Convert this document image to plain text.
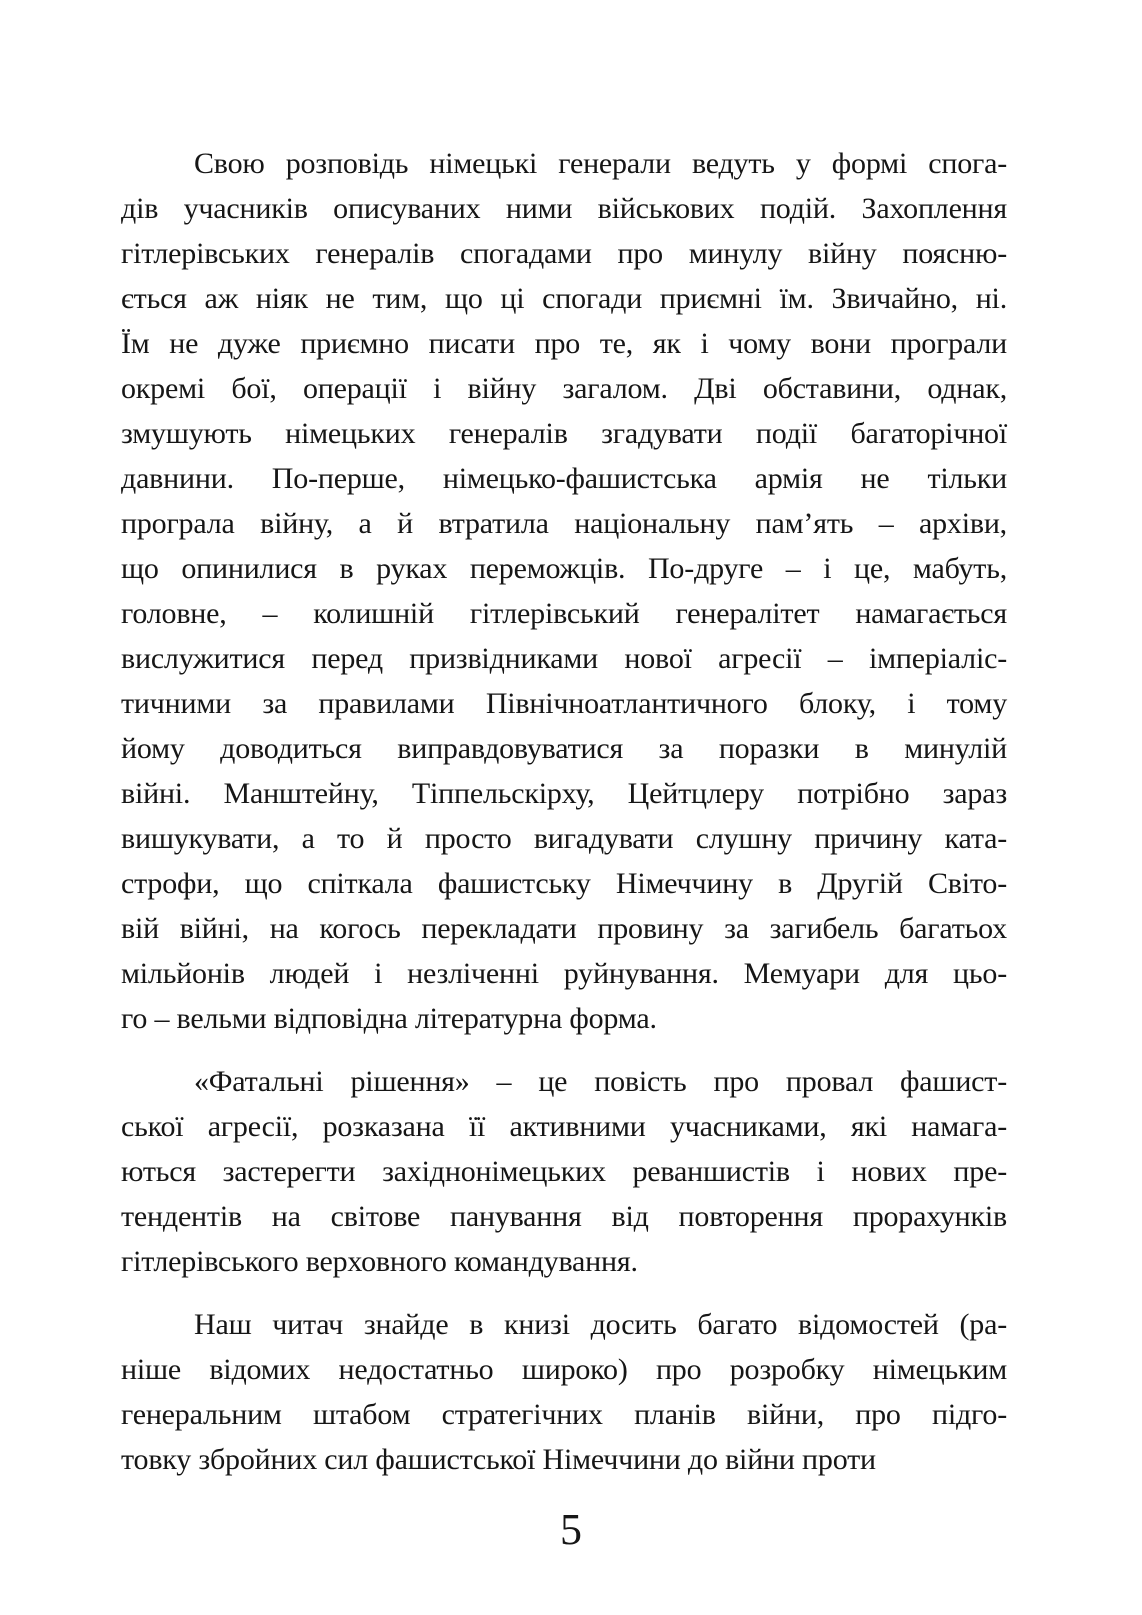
Свою розповідь німецькі генерали ведуть у формі спога-
дів учасників описуваних ними військових подій. Захоплення
гітлерівських генералів спогадами про минулу війну поясню-
ється аж ніяк не тим, що ці спогади приємні їм. Звичайно, ні.
Їм не дуже приємно писати про те, як і чому вони програли
окремі бої, операції і війну загалом. Дві обставини, однак,
змушують німецьких генералів згадувати події багаторічної
давнини. По-перше, німецько-фашистська армія не тільки
програла війну, а й втратила національну пам’ять – архіви,
що опинилися в руках переможців. По-друге – і це, мабуть,
головне, – колишній гітлерівський генералітет намагається
вислужитися перед призвідниками нової агресії – імперіаліс-
тичними за правилами Північноатлантичного блоку, і тому
йому доводиться виправдовуватися за поразки в минулій
війні. Манштейну, Тіппельскірху, Цейтцлеру потрібно зараз
вишукувати, а то й просто вигадувати слушну причину ката-
строфи, що спіткала фашистську Німеччину в Другій Світо-
вій війні, на когось перекладати провину за загибель багатьох
мільйонів людей і незліченні руйнування. Мемуари для цьо-
го – вельми відповідна літературна форма.
«Фатальні рішення» – це повість про провал фашист-
ської агресії, розказана її активними учасниками, які намага-
ються застерегти західнонімецьких реваншистів і нових пре-
тендентів на світове панування від повторення прорахунків
гітлерівського верховного командування.
Наш читач знайде в книзі досить багато відомостей (ра-
ніше відомих недостатньо широко) про розробку німецьким
генеральним штабом стратегічних планів війни, про підго-
товку збройних сил фашистської Німеччини до війни проти
5
